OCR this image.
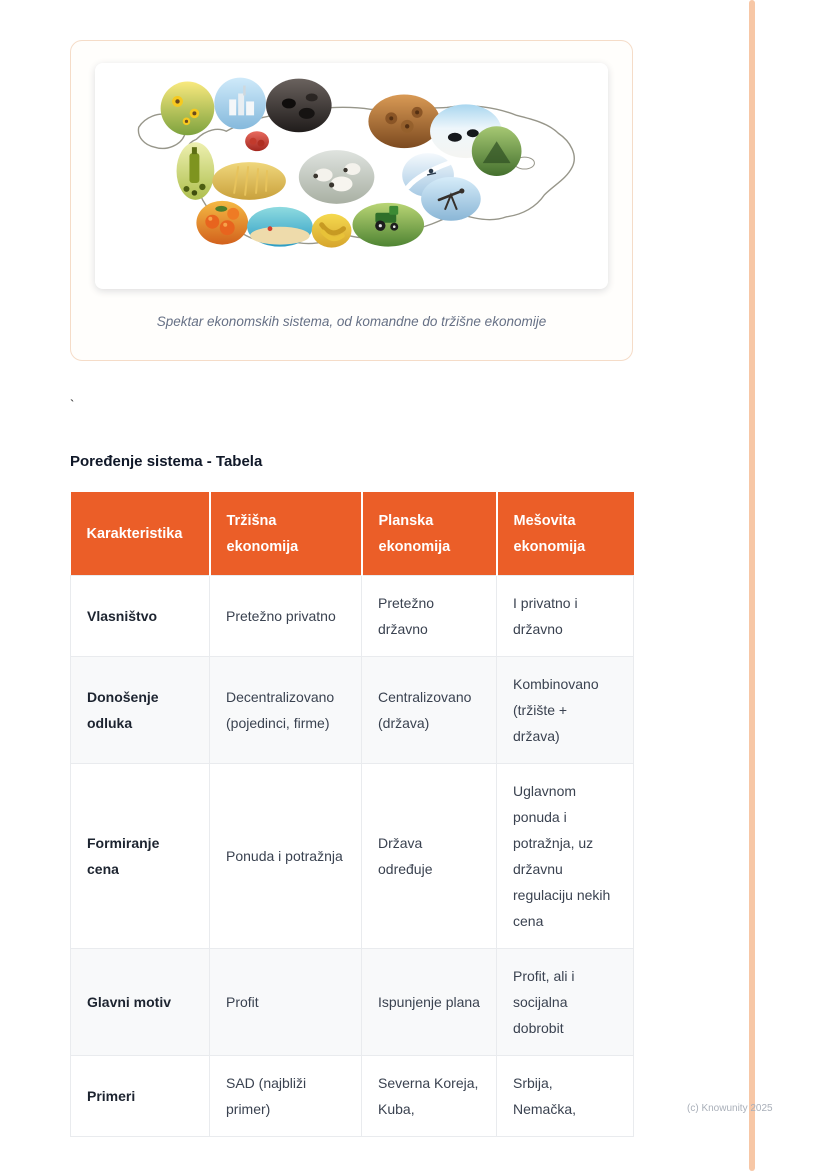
Spektar ekonomskih sistema, od komandne do tržišne ekonomije

`

Poređenje sistema - Tabela
Karakteristika	Tržišna ekonomija	Planska ekonomija	Mešovita ekonomija
Vlasništvo	Pretežno privatno	Pretežno državno	I privatno i državno
Donošenje odluka	Decentralizovano (pojedinci, firme)	Centralizovano (država)	Kombinovano (tržište + država)
Formiranje cena	Ponuda i potražnja	Država određuje	Uglavnom ponuda i potražnja, uz državnu regulaciju nekih cena
Glavni motiv	Profit	Ispunjenje plana	Profit, ali i socijalna dobrobit
Primeri	SAD (najbliži primer)	Severna Koreja, Kuba,	Srbija, Nemačka,	(c) Knowunity 2025
